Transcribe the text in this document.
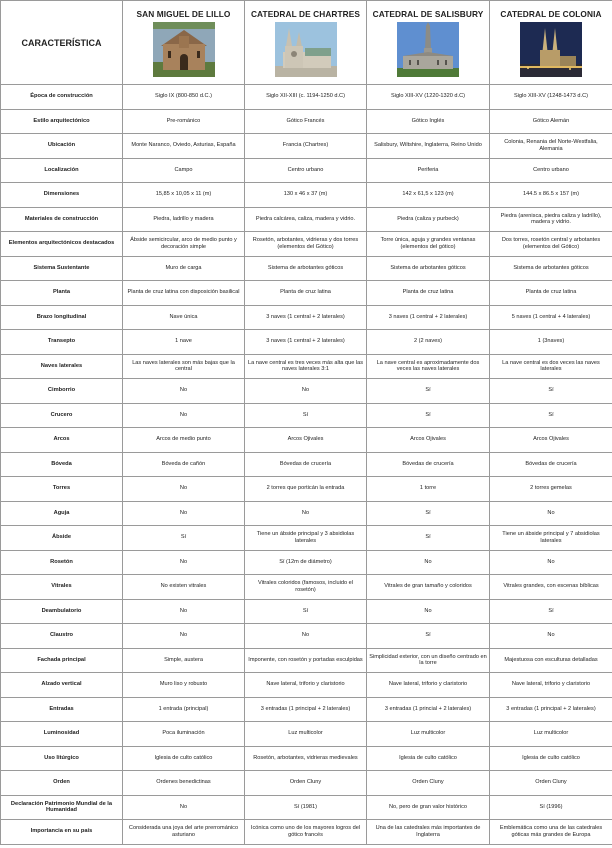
CARACTERÍSTICA	SAN MIGUEL DE LILLO	CATEDRAL DE CHARTRES	CATEDRAL DE SALISBURY	CATEDRAL DE COLONIA

Época de construcción	Siglo IX (800-850 d.C.)	Siglo XII-XIII (c. 1194-1250 d.C)	Siglo XIII-XV (1220-1320 d.C)	Siglo XIII-XV (1248-1473 d.C)
Estilo arquitectónico	Pre-románico	Gótico Francés	Gótico Inglés	Gótico Alemán
Ubicación	Monte Naranco, Oviedo, Asturias, España	Francia (Chartres)	Salisbury, Wiltshire, Inglaterra, Reino Unido	Colonia, Renania del Norte-Westfalia, Alemania
Localización	Campo	Centro urbano	Periferia	Centro urbano
Dimensiones	15,85 x 10,05 x 11 (m)	130 x 46 x 37 (m)	142 x 61,5 x 123 (m)	144.5 x 86.5 x 157 (m)
Materiales de construcción	Piedra, ladrillo y madera	Piedra calcárea, caliza, madera y vidrio.	Piedra (caliza y purbeck)	Piedra (arenisca, piedra caliza y ladrillo), madera y vidrio.
Elementos arquitectónicos destacados	Ábside semicircular, arco de medio punto y decoración simple	Rosetón, arbotantes, vidrieras y dos torres (elementos del Gótico)	Torre única, aguja y grandes ventanas (elementos del gótico)	Dos torres, rosetón central y arbotantes (elementos del Gótico)
Sistema Sustentante	Muro de carga	Sistema de arbotantes góticos	Sistema de arbotantes góticos	Sistema de arbotantes góticos
Planta	Planta de cruz latina con disposición basilical	Planta de cruz latina	Planta de cruz latina	Planta de cruz latina
Brazo longitudinal	Nave única	3 naves (1 central + 2 laterales)	3 naves (1 central + 2 laterales)	5 naves (1 central + 4 laterales)
Transepto	1 nave	3 naves (1 central + 2 laterales)	2 (2 naves)	1 (3naves)
Naves laterales	Las naves laterales son más bajas que la central	La nave central es tres veces más alta que las naves laterales 3:1	La nave central es aproximadamente dos veces las naves laterales	La nave central es dos veces las naves laterales
Cimborrio	No	No	Sí	Sí
Crucero	No	Sí	Sí	Sí
Arcos	Arcos de medio punto	Arcos Ojivales	Arcos Ojivales	Arcos Ojivales
Bóveda	Bóveda de cañón	Bóvedas de crucería	Bóvedas de crucería	Bóvedas de crucería
Torres	No	2 torres que porticán la entrada	1 torre	2 torres gemelas
Aguja	No	No	Sí	No
Ábside	Sí	Tiene un ábside principal y 3 absidiolas laterales	Sí	Tiene un ábside principal y 7 absidiolas laterales
Rosetón	No	Sí (12m de diámetro)	No	No
Vitrales	No existen vitrales	Vitrales coloridos (famosos, incluido el rosetón)	Vitrales de gran tamaño y coloridos	Vitrales grandes, con escenas bíblicas
Deambulatorio	No	Sí	No	Sí
Claustro	No	No	Sí	No
Fachada principal	Simple, austera	Imponente, con rosetón y portadas esculpidas	Simplicidad exterior, con un diseño centrado en la torre	Majestuosa con esculturas detalladas
Alzado vertical	Muro liso y robusto	Nave lateral, triforio y claristorio	Nave lateral, triforio y claristorio	Nave lateral, triforio y claristorio
Entradas	1 entrada (principal)	3 entradas (1 principal + 2 laterales)	3 entradas (1 princial + 2 laterales)	3 entradas (1 principal + 2 laterales)
Luminosidad	Poca iluminación	Luz multicolor	Luz multicolor	Luz multicolor
Uso litúrgico	Iglesia de culto católico	Rosetón, arbotantes, vidrieras medievales	Iglesia de culto católico	Iglesia de culto católico
Orden	Ordenes benedictinas	Orden Cluny	Orden Cluny	Orden Cluny
Declaración Patrimonio Mundial de la Humanidad	No	Sí (1981)	No, pero de gran valor histórico	Sí (1996)
Importancia en su país	Considerada una joya del arte prerrománico asturiano	Icónica como uno de los mayores logros del gótico francés	Una de las catedrales más importantes de Inglaterra	Emblemática como una de las catedrales góticas más grandes de Europa
